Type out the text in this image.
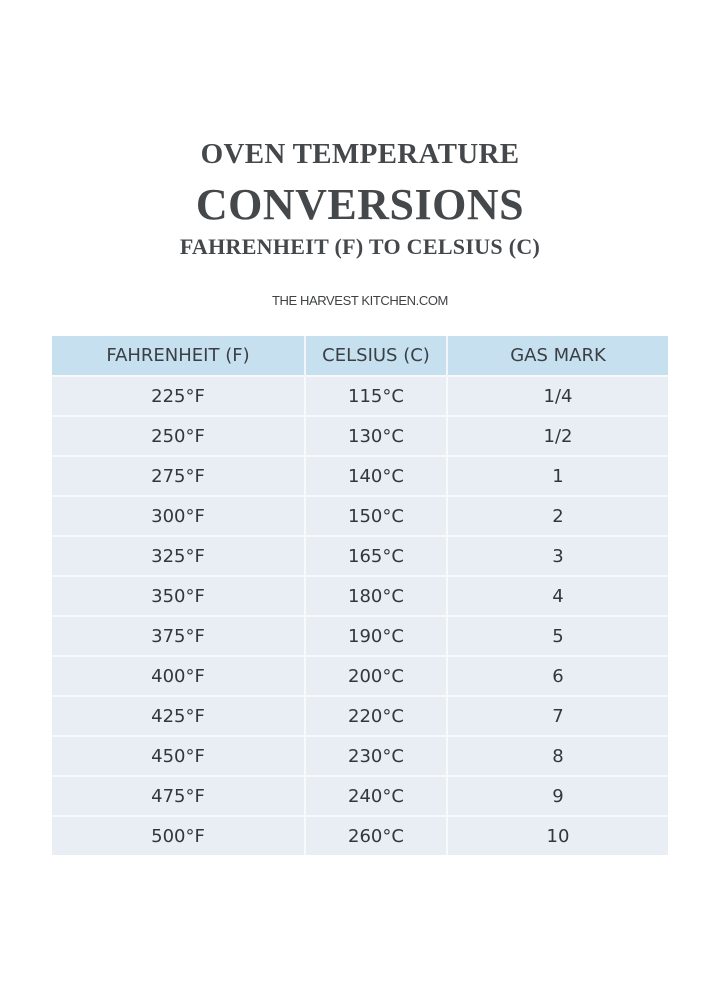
OVEN TEMPERATURE
CONVERSIONS
FAHRENHEIT (F) TO CELSIUS (C)
THE HARVEST KITCHEN.COM
FAHRENHEIT (F)	CELSIUS (C)	GAS MARK
225°F	115°C	1/4
250°F	130°C	1/2
275°F	140°C	1
300°F	150°C	2
325°F	165°C	3
350°F	180°C	4
375°F	190°C	5
400°F	200°C	6
425°F	220°C	7
450°F	230°C	8
475°F	240°C	9
500°F	260°C	10
